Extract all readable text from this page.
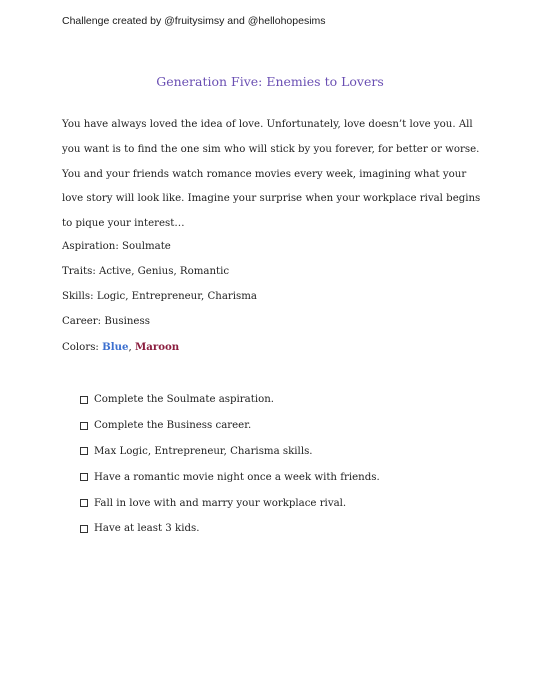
Challenge created by @fruitysimsy and @hellohopesims
Generation Five: Enemies to Lovers

You have always loved the idea of love. Unfortunately, love doesn’t love you. All you want is to find the one sim who will stick by you forever, for better or worse. You and your friends watch romance movies every week, imagining what your love story will look like. Imagine your surprise when your workplace rival begins to pique your interest…

Aspiration: Soulmate
Traits: Active, Genius, Romantic
Skills: Logic, Entrepreneur, Charisma
Career: Business
Colors: Blue, Maroon
Complete the Soulmate aspiration.
Complete the Business career.
Max Logic, Entrepreneur, Charisma skills.
Have a romantic movie night once a week with friends.
Fall in love with and marry your workplace rival.
Have at least 3 kids.
